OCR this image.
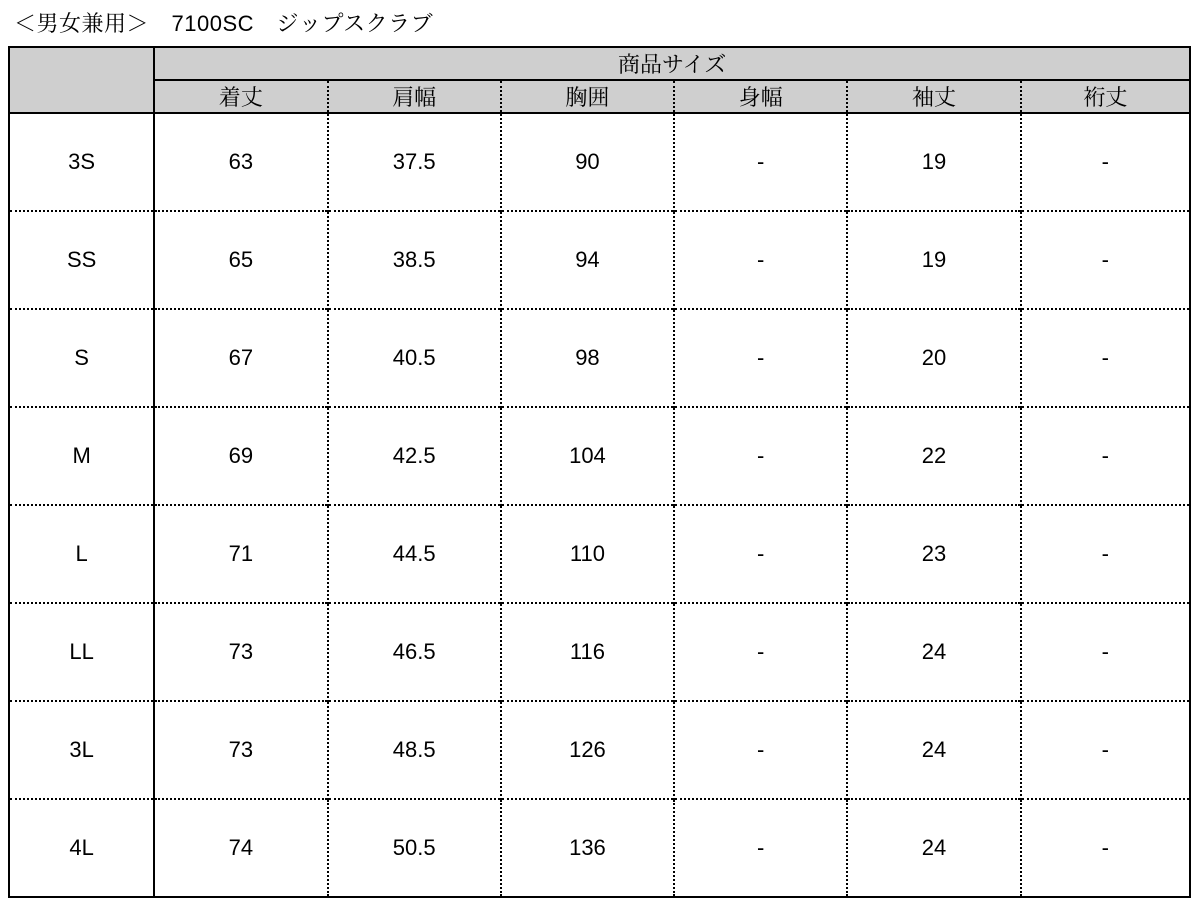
＜男女兼用＞　7100SC　ジップスクラブ
	商品サイズ					
	着丈	肩幅	胸囲	身幅	袖丈	裄丈
3S	63	37.5	90	-	19	-
SS	65	38.5	94	-	19	-
S	67	40.5	98	-	20	-
M	69	42.5	104	-	22	-
L	71	44.5	110	-	23	-
LL	73	46.5	116	-	24	-
3L	73	48.5	126	-	24	-
4L	74	50.5	136	-	24	-
